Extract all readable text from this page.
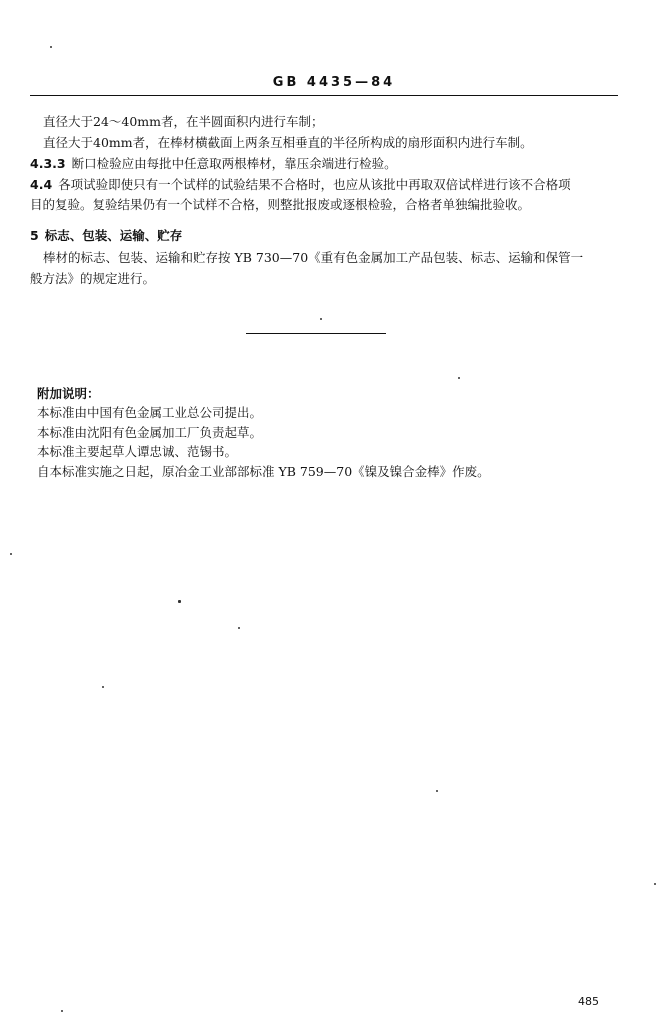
GB 4435—84
直径大于24～40mm者，在半圆面积内进行车制；
直径大于40mm者，在棒材横截面上两条互相垂直的半径所构成的扇形面积内进行车制。
4.3.3 断口检验应由每批中任意取两根棒材，靠压余端进行检验。
4.4 各项试验即使只有一个试样的试验结果不合格时，也应从该批中再取双倍试样进行该不合格项
目的复验。复验结果仍有一个试样不合格，则整批报废或逐根检验，合格者单独编批验收。
5 标志、包装、运输、贮存
棒材的标志、包装、运输和贮存按 YB 730—70《重有色金属加工产品包装、标志、运输和保管一
般方法》的规定进行。
附加说明：
本标准由中国有色金属工业总公司提出。
本标准由沈阳有色金属加工厂负责起草。
本标准主要起草人谭忠诚、范锡书。
自本标准实施之日起，原冶金工业部部标准 YB 759—70《镍及镍合金棒》作废。
485
